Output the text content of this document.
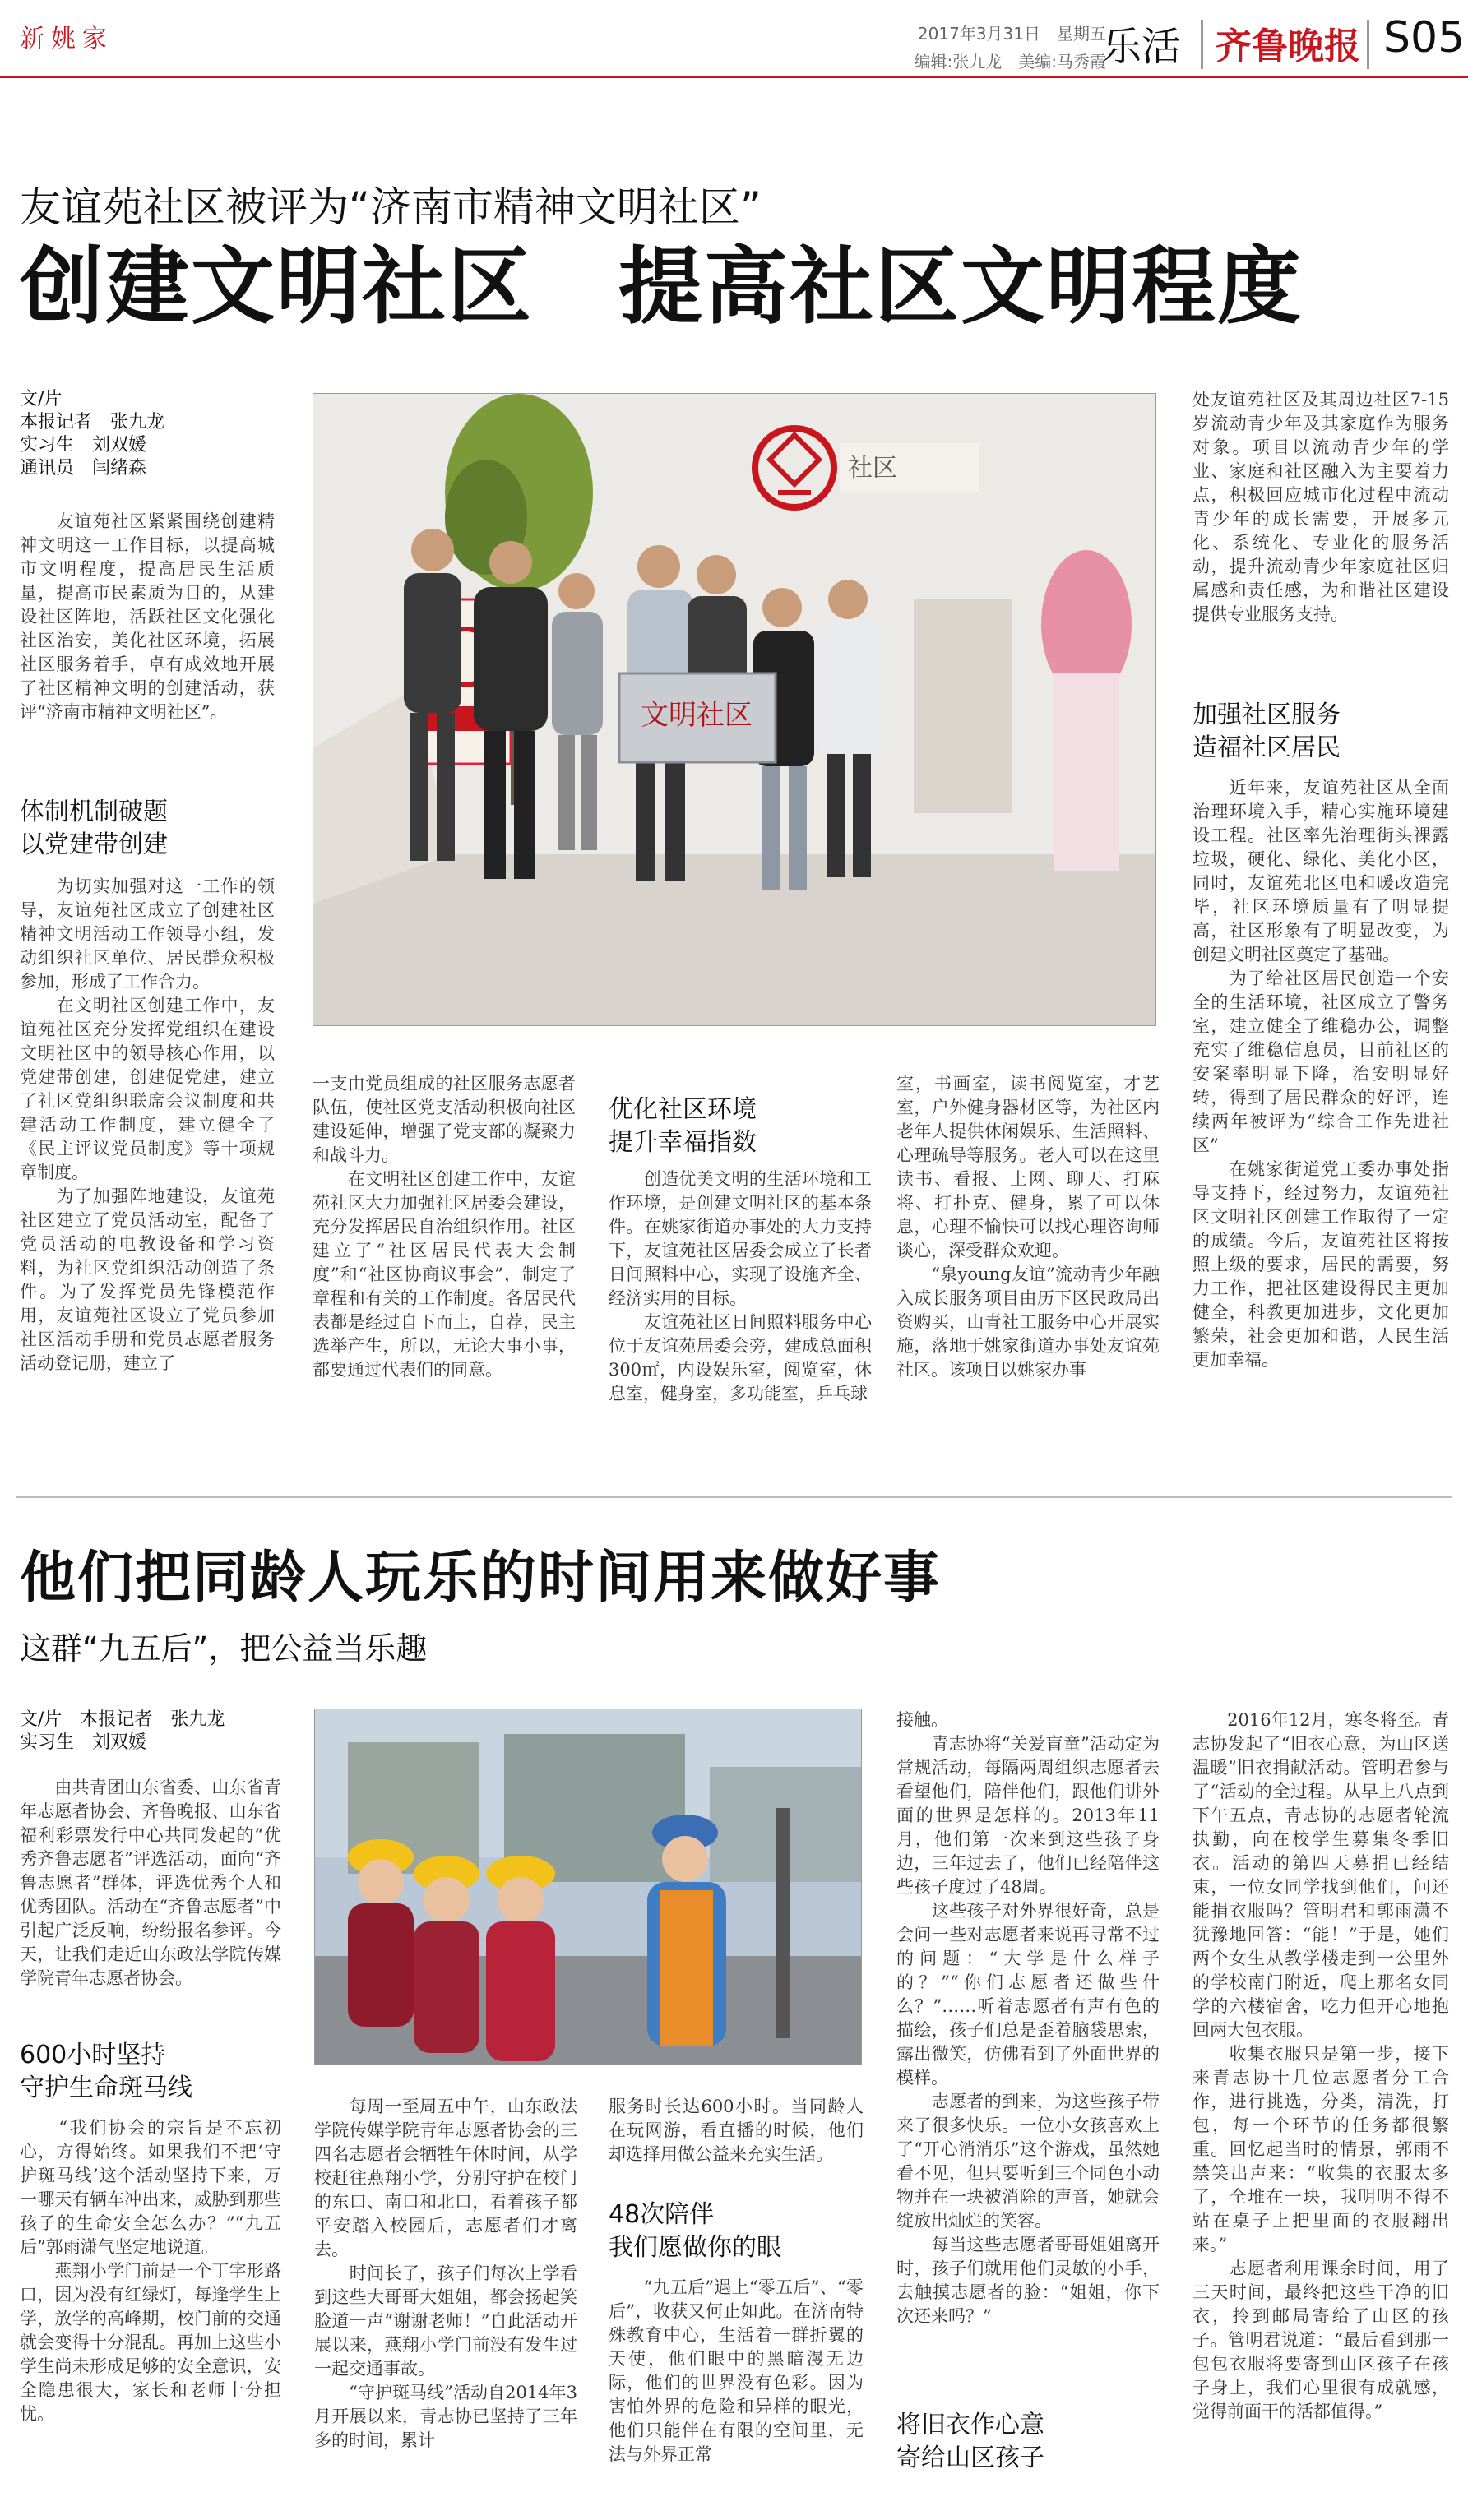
新姚家	2017年3月31日　星期五
编辑:张九龙　美编:马秀霞
乐活 齐鲁晚报 S05
友谊苑社区被评为“济南市精神文明社区”
创建文明社区　提高社区文明程度
文/片
本报记者　张九龙
实习生　刘双媛
通讯员　闫绪森	社区
文明社区
　　友谊苑社区紧紧围绕创建精神文明这一工作目标，以提高城市文明程度，提高居民生活质量，提高市民素质为目的，从建设社区阵地，活跃社区文化强化社区治安，美化社区环境，拓展社区服务着手，卓有成效地开展了社区精神文明的创建活动，获评“济南市精神文明社区”。
体制机制破题
以党建带创建
　　为切实加强对这一工作的领导，友谊苑社区成立了创建社区精神文明活动工作领导小组，发动组织社区单位、居民群众积极参加，形成了工作合力。
　　在文明社区创建工作中，友谊苑社区充分发挥党组织在建设文明社区中的领导核心作用，以党建带创建，创建促党建，建立了社区党组织联席会议制度和共建活动工作制度，建立健全了《民主评议党员制度》等十项规章制度。
　　为了加强阵地建设，友谊苑社区建立了党员活动室，配备了党员活动的电教设备和学习资料，为社区党组织活动创造了条件。为了发挥党员先锋模范作用，友谊苑社区设立了党员参加社区活动手册和党员志愿者服务活动登记册，建立了
一支由党员组成的社区服务志愿者队伍，使社区党支活动积极向社区建设延伸，增强了党支部的凝聚力和战斗力。
　　在文明社区创建工作中，友谊苑社区大力加强社区居委会建设，充分发挥居民自治组织作用。社区建立了“社区居民代表大会制度”和“社区协商议事会”，制定了章程和有关的工作制度。各居民代表都是经过自下而上，自荐，民主选举产生，所以，无论大事小事，都要通过代表们的同意。
优化社区环境
提升幸福指数
　　创造优美文明的生活环境和工作环境，是创建文明社区的基本条件。在姚家街道办事处的大力支持下，友谊苑社区居委会成立了长者日间照料中心，实现了设施齐全、经济实用的目标。
　　友谊苑社区日间照料服务中心位于友谊苑居委会旁，建成总面积300㎡，内设娱乐室，阅览室，休息室，健身室，多功能室，乒乓球
室，书画室，读书阅览室，才艺室，户外健身器材区等，为社区内老年人提供休闲娱乐、生活照料、心理疏导等服务。老人可以在这里读书、看报、上网、聊天、打麻将、打扑克、健身，累了可以休息，心理不愉快可以找心理咨询师谈心，深受群众欢迎。
　　“泉young友谊”流动青少年融入成长服务项目由历下区民政局出资购买，山青社工服务中心开展实施，落地于姚家街道办事处友谊苑社区。该项目以姚家办事
处友谊苑社区及其周边社区7-15岁流动青少年及其家庭作为服务对象。项目以流动青少年的学业、家庭和社区融入为主要着力点，积极回应城市化过程中流动青少年的成长需要，开展多元化、系统化、专业化的服务活动，提升流动青少年家庭社区归属感和责任感，为和谐社区建设提供专业服务支持。
加强社区服务
造福社区居民
　　近年来，友谊苑社区从全面治理环境入手，精心实施环境建设工程。社区率先治理街头裸露垃圾，硬化、绿化、美化小区，同时，友谊苑北区电和暖改造完毕，社区环境质量有了明显提高，社区形象有了明显改变，为创建文明社区奠定了基础。
　　为了给社区居民创造一个安全的生活环境，社区成立了警务室，建立健全了维稳办公，调整充实了维稳信息员，目前社区的安案率明显下降，治安明显好转，得到了居民群众的好评，连续两年被评为“综合工作先进社区”
　　在姚家街道党工委办事处指导支持下，经过努力，友谊苑社区文明社区创建工作取得了一定的成绩。今后，友谊苑社区将按照上级的要求，居民的需要，努力工作，把社区建设得民主更加健全，科教更加进步，文化更加繁荣，社会更加和谐，人民生活更加幸福。
他们把同龄人玩乐的时间用来做好事
这群“九五后”，把公益当乐趣
文/片　本报记者　张九龙
实习生　刘双媛
　　由共青团山东省委、山东省青年志愿者协会、齐鲁晚报、山东省福利彩票发行中心共同发起的“优秀齐鲁志愿者”评选活动，面向“齐鲁志愿者”群体，评选优秀个人和优秀团队。活动在“齐鲁志愿者”中引起广泛反响，纷纷报名参评。今天，让我们走近山东政法学院传媒学院青年志愿者协会。
600小时坚持
守护生命斑马线
　　“我们协会的宗旨是不忘初心，方得始终。如果我们不把‘守护斑马线’这个活动坚持下来，万一哪天有辆车冲出来，威胁到那些孩子的生命安全怎么办？”“九五后”郭雨潇气坚定地说道。
　　燕翔小学门前是一个丁字形路口，因为没有红绿灯，每逢学生上学，放学的高峰期，校门前的交通就会变得十分混乱。再加上这些小学生尚未形成足够的安全意识，安全隐患很大，家长和老师十分担忧。
　　每周一至周五中午，山东政法学院传媒学院青年志愿者协会的三四名志愿者会牺牲午休时间，从学校赶往燕翔小学，分别守护在校门的东口、南口和北口，看着孩子都平安踏入校园后，志愿者们才离去。
　　时间长了，孩子们每次上学看到这些大哥哥大姐姐，都会扬起笑脸道一声“谢谢老师！”自此活动开展以来，燕翔小学门前没有发生过一起交通事故。
　　“守护斑马线”活动自2014年3月开展以来，青志协已坚持了三年多的时间，累计
服务时长达600小时。当同龄人在玩网游，看直播的时候，他们却选择用做公益来充实生活。
48次陪伴
我们愿做你的眼
　　“九五后”遇上“零五后”、“零后”，收获又何止如此。在济南特殊教育中心，生活着一群折翼的天使，他们眼中的黑暗漫无边际，他们的世界没有色彩。因为害怕外界的危险和异样的眼光，他们只能伴在有限的空间里，无法与外界正常
接触。
　　青志协将“关爱盲童”活动定为常规活动，每隔两周组织志愿者去看望他们，陪伴他们，跟他们讲外面的世界是怎样的。2013年11月，他们第一次来到这些孩子身边，三年过去了，他们已经陪伴这些孩子度过了48周。
　　这些孩子对外界很好奇，总是会问一些对志愿者来说再寻常不过的问题：“大学是什么样子的？”“你们志愿者还做些什么？”……听着志愿者有声有色的描绘，孩子们总是歪着脑袋思索，露出微笑，仿佛看到了外面世界的模样。
　　志愿者的到来，为这些孩子带来了很多快乐。一位小女孩喜欢上了“开心消消乐”这个游戏，虽然她看不见，但只要听到三个同色小动物并在一块被消除的声音，她就会绽放出灿烂的笑容。
　　每当这些志愿者哥哥姐姐离开时，孩子们就用他们灵敏的小手，去触摸志愿者的脸：“姐姐，你下次还来吗？”
将旧衣作心意
寄给山区孩子
　　2016年12月，寒冬将至。青志协发起了“旧衣心意，为山区送温暖”旧衣捐献活动。管明君参与了“活动的全过程。从早上八点到下午五点，青志协的志愿者轮流执勤，向在校学生募集冬季旧衣。活动的第四天募捐已经结束，一位女同学找到他们，问还能捐衣服吗？管明君和郭雨潇不犹豫地回答：“能！”于是，她们两个女生从教学楼走到一公里外的学校南门附近，爬上那名女同学的六楼宿舍，吃力但开心地抱回两大包衣服。
　　收集衣服只是第一步，接下来青志协十几位志愿者分工合作，进行挑选，分类，清洗，打包，每一个环节的任务都很繁重。回忆起当时的情景，郭雨不禁笑出声来：“收集的衣服太多了，全堆在一块，我明明不得不站在桌子上把里面的衣服翻出来。”
　　志愿者利用课余时间，用了三天时间，最终把这些干净的旧衣，拎到邮局寄给了山区的孩子。管明君说道：“最后看到那一包包衣服将要寄到山区孩子在孩子身上，我们心里很有成就感，觉得前面干的活都值得。”
